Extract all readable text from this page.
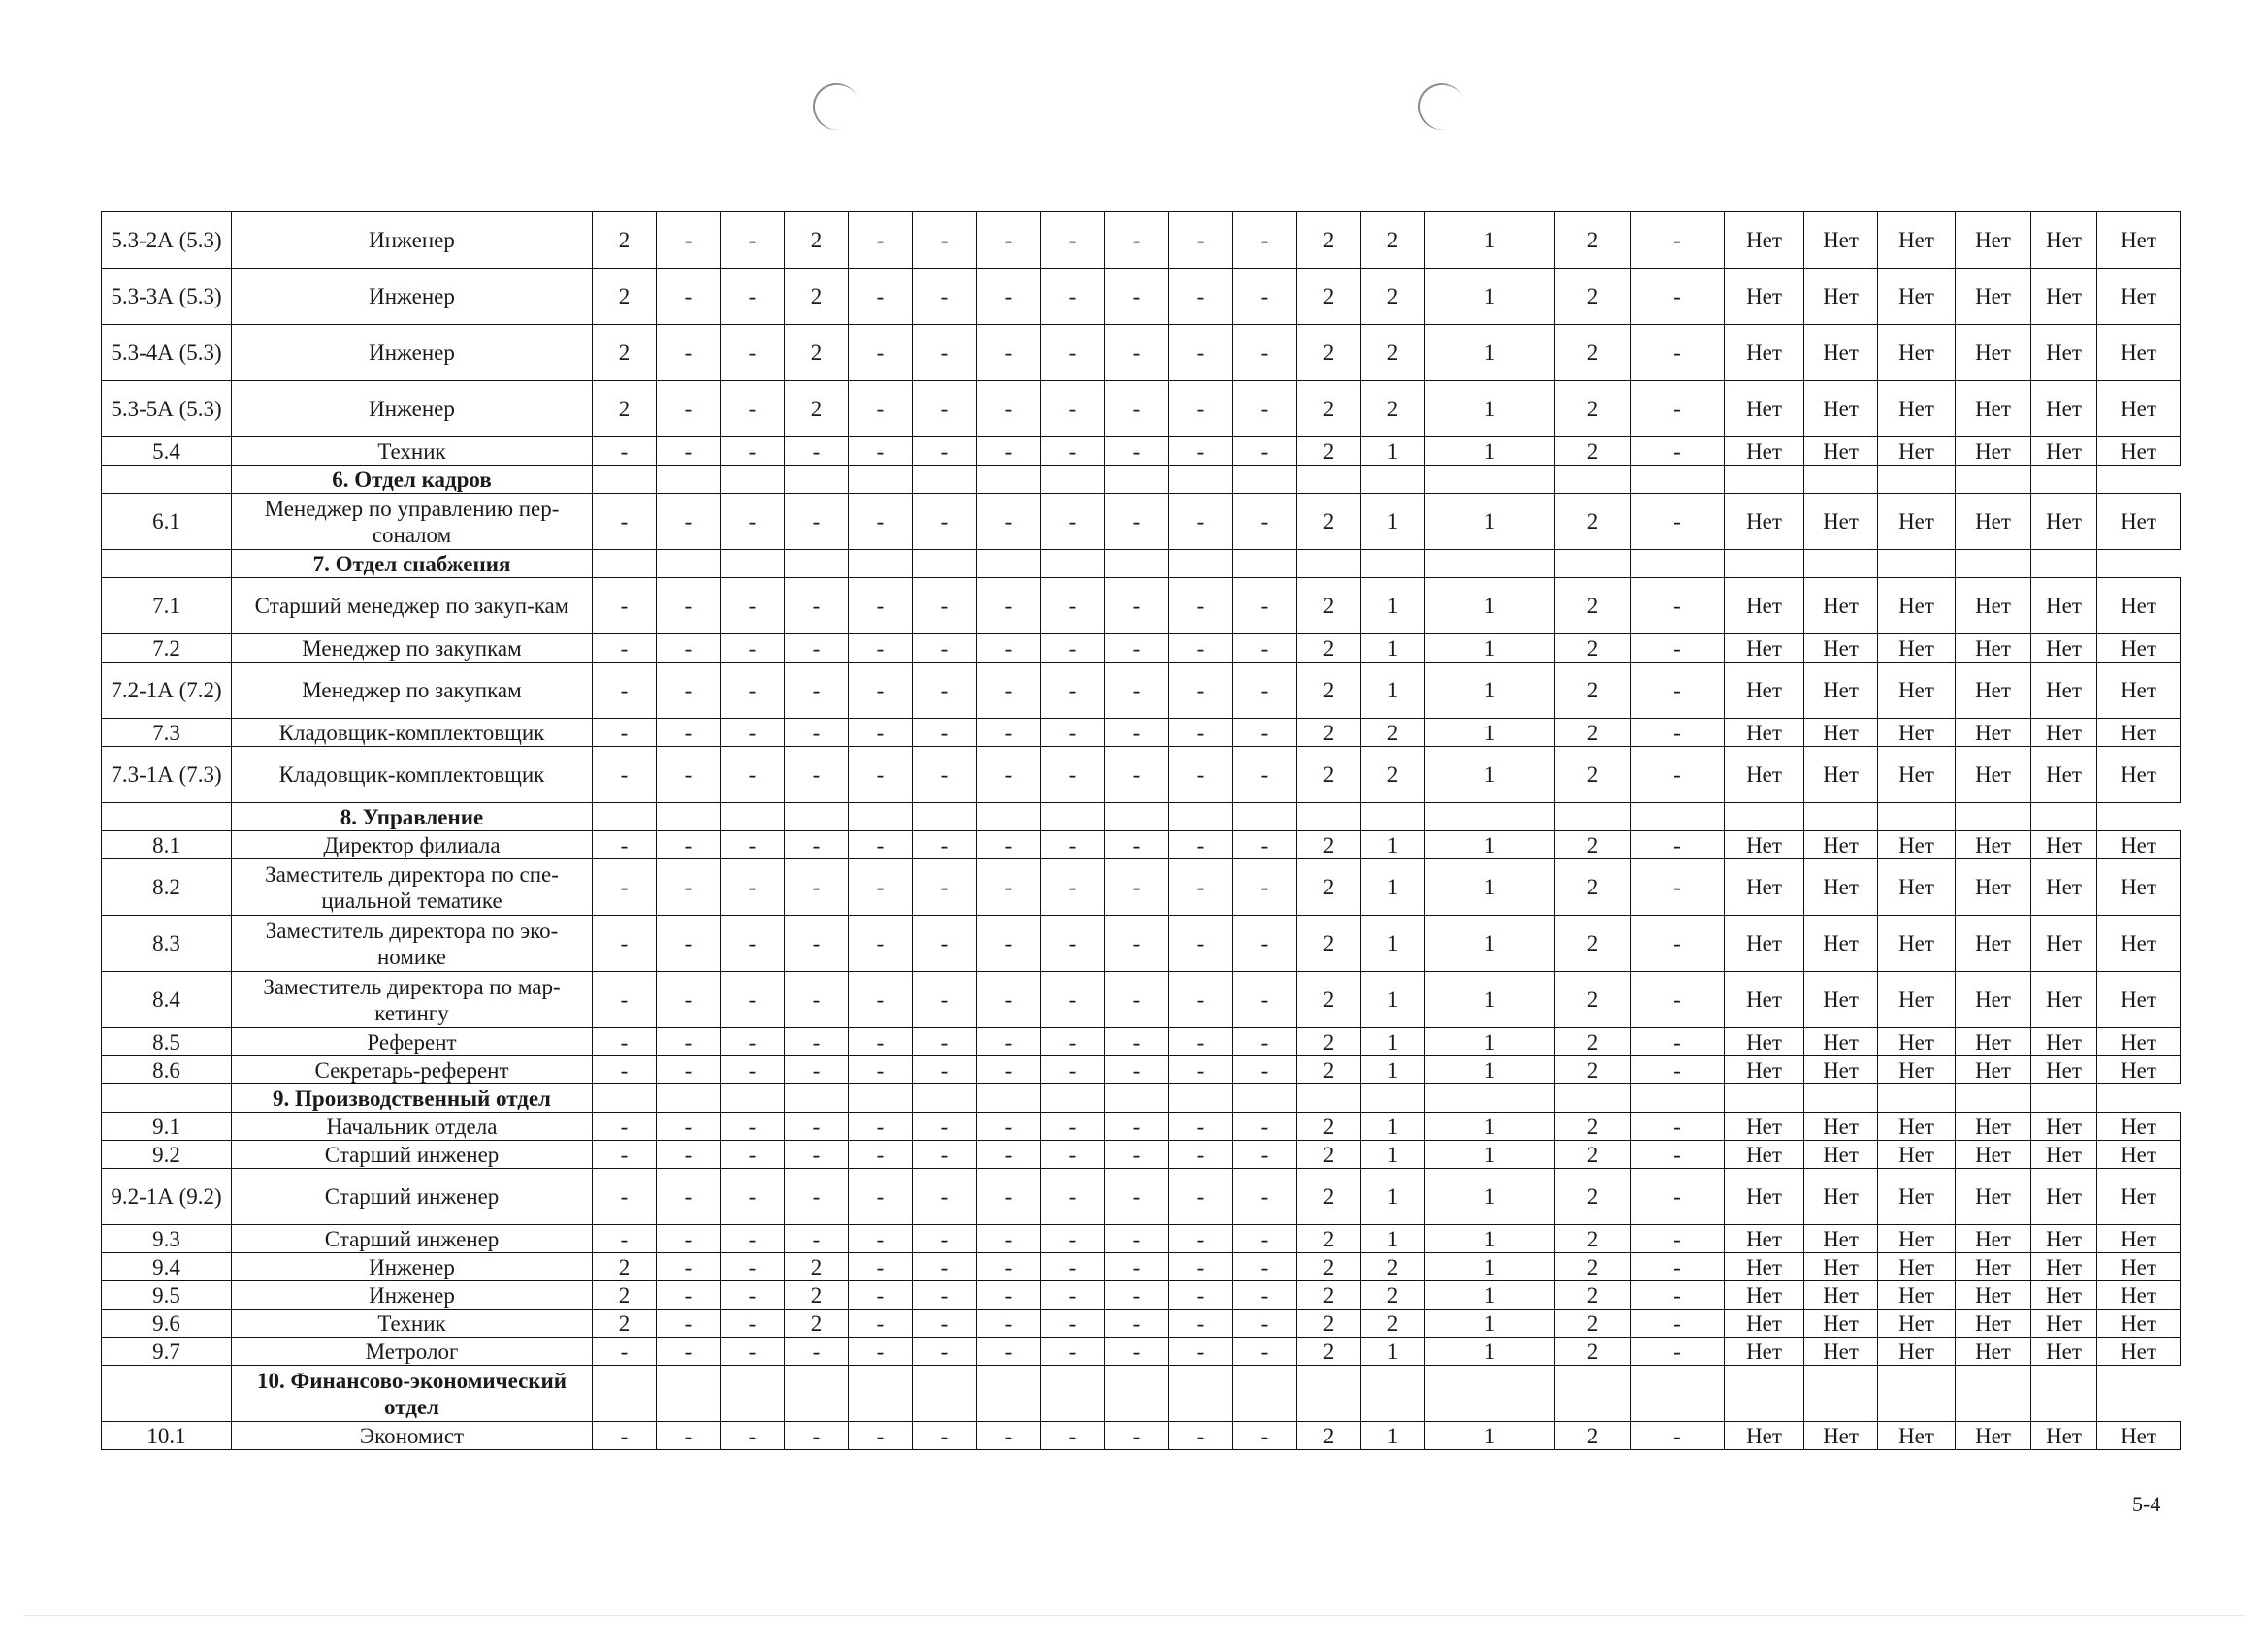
5.3-2А (5.3)	Инженер	2	-	-	2	-	-	-	-	-	-	-	2	2	1	2	-	Нет	Нет	Нет	Нет	Нет	Нет
5.3-3А (5.3)	Инженер	2	-	-	2	-	-	-	-	-	-	-	2	2	1	2	-	Нет	Нет	Нет	Нет	Нет	Нет
5.3-4А (5.3)	Инженер	2	-	-	2	-	-	-	-	-	-	-	2	2	1	2	-	Нет	Нет	Нет	Нет	Нет	Нет
5.3-5А (5.3)	Инженер	2	-	-	2	-	-	-	-	-	-	-	2	2	1	2	-	Нет	Нет	Нет	Нет	Нет	Нет
5.4	Техник	-	-	-	-	-	-	-	-	-	-	-	2	1	1	2	-	Нет	Нет	Нет	Нет	Нет	Нет
	6. Отдел кадров																						
6.1	Менеджер по управлению пер-сонaлом	-	-	-	-	-	-	-	-	-	-	-	2	1	1	2	-	Нет	Нет	Нет	Нет	Нет	Нет
	7. Отдел снабжения																						
7.1	Старший менеджер по закуп-кам	-	-	-	-	-	-	-	-	-	-	-	2	1	1	2	-	Нет	Нет	Нет	Нет	Нет	Нет
7.2	Менеджер по закупкам	-	-	-	-	-	-	-	-	-	-	-	2	1	1	2	-	Нет	Нет	Нет	Нет	Нет	Нет
7.2-1А (7.2)	Менеджер по закупкам	-	-	-	-	-	-	-	-	-	-	-	2	1	1	2	-	Нет	Нет	Нет	Нет	Нет	Нет
7.3	Кладовщик-комплектовщик	-	-	-	-	-	-	-	-	-	-	-	2	2	1	2	-	Нет	Нет	Нет	Нет	Нет	Нет
7.3-1А (7.3)	Кладовщик-комплектовщик	-	-	-	-	-	-	-	-	-	-	-	2	2	1	2	-	Нет	Нет	Нет	Нет	Нет	Нет
	8. Управление																						
8.1	Директор филиала	-	-	-	-	-	-	-	-	-	-	-	2	1	1	2	-	Нет	Нет	Нет	Нет	Нет	Нет
8.2	Заместитель директора по спе-циальной тематике	-	-	-	-	-	-	-	-	-	-	-	2	1	1	2	-	Нет	Нет	Нет	Нет	Нет	Нет
8.3	Заместитель директора по эко-номике	-	-	-	-	-	-	-	-	-	-	-	2	1	1	2	-	Нет	Нет	Нет	Нет	Нет	Нет
8.4	Заместитель директора по мар-кетингу	-	-	-	-	-	-	-	-	-	-	-	2	1	1	2	-	Нет	Нет	Нет	Нет	Нет	Нет
8.5	Референт	-	-	-	-	-	-	-	-	-	-	-	2	1	1	2	-	Нет	Нет	Нет	Нет	Нет	Нет
8.6	Секретарь-референт	-	-	-	-	-	-	-	-	-	-	-	2	1	1	2	-	Нет	Нет	Нет	Нет	Нет	Нет
	9. Производственный отдел																						
9.1	Начальник отдела	-	-	-	-	-	-	-	-	-	-	-	2	1	1	2	-	Нет	Нет	Нет	Нет	Нет	Нет
9.2	Старший инженер	-	-	-	-	-	-	-	-	-	-	-	2	1	1	2	-	Нет	Нет	Нет	Нет	Нет	Нет
9.2-1А (9.2)	Старший инженер	-	-	-	-	-	-	-	-	-	-	-	2	1	1	2	-	Нет	Нет	Нет	Нет	Нет	Нет
9.3	Старший инженер	-	-	-	-	-	-	-	-	-	-	-	2	1	1	2	-	Нет	Нет	Нет	Нет	Нет	Нет
9.4	Инженер	2	-	-	2	-	-	-	-	-	-	-	2	2	1	2	-	Нет	Нет	Нет	Нет	Нет	Нет
9.5	Инженер	2	-	-	2	-	-	-	-	-	-	-	2	2	1	2	-	Нет	Нет	Нет	Нет	Нет	Нет
9.6	Техник	2	-	-	2	-	-	-	-	-	-	-	2	2	1	2	-	Нет	Нет	Нет	Нет	Нет	Нет
9.7	Метролог	-	-	-	-	-	-	-	-	-	-	-	2	1	1	2	-	Нет	Нет	Нет	Нет	Нет	Нет
	10. Финансово-экономический отдел																						
10.1	Экономист	-	-	-	-	-	-	-	-	-	-	-	2	1	1	2	-	Нет	Нет	Нет	Нет	Нет	Нет
5-4
